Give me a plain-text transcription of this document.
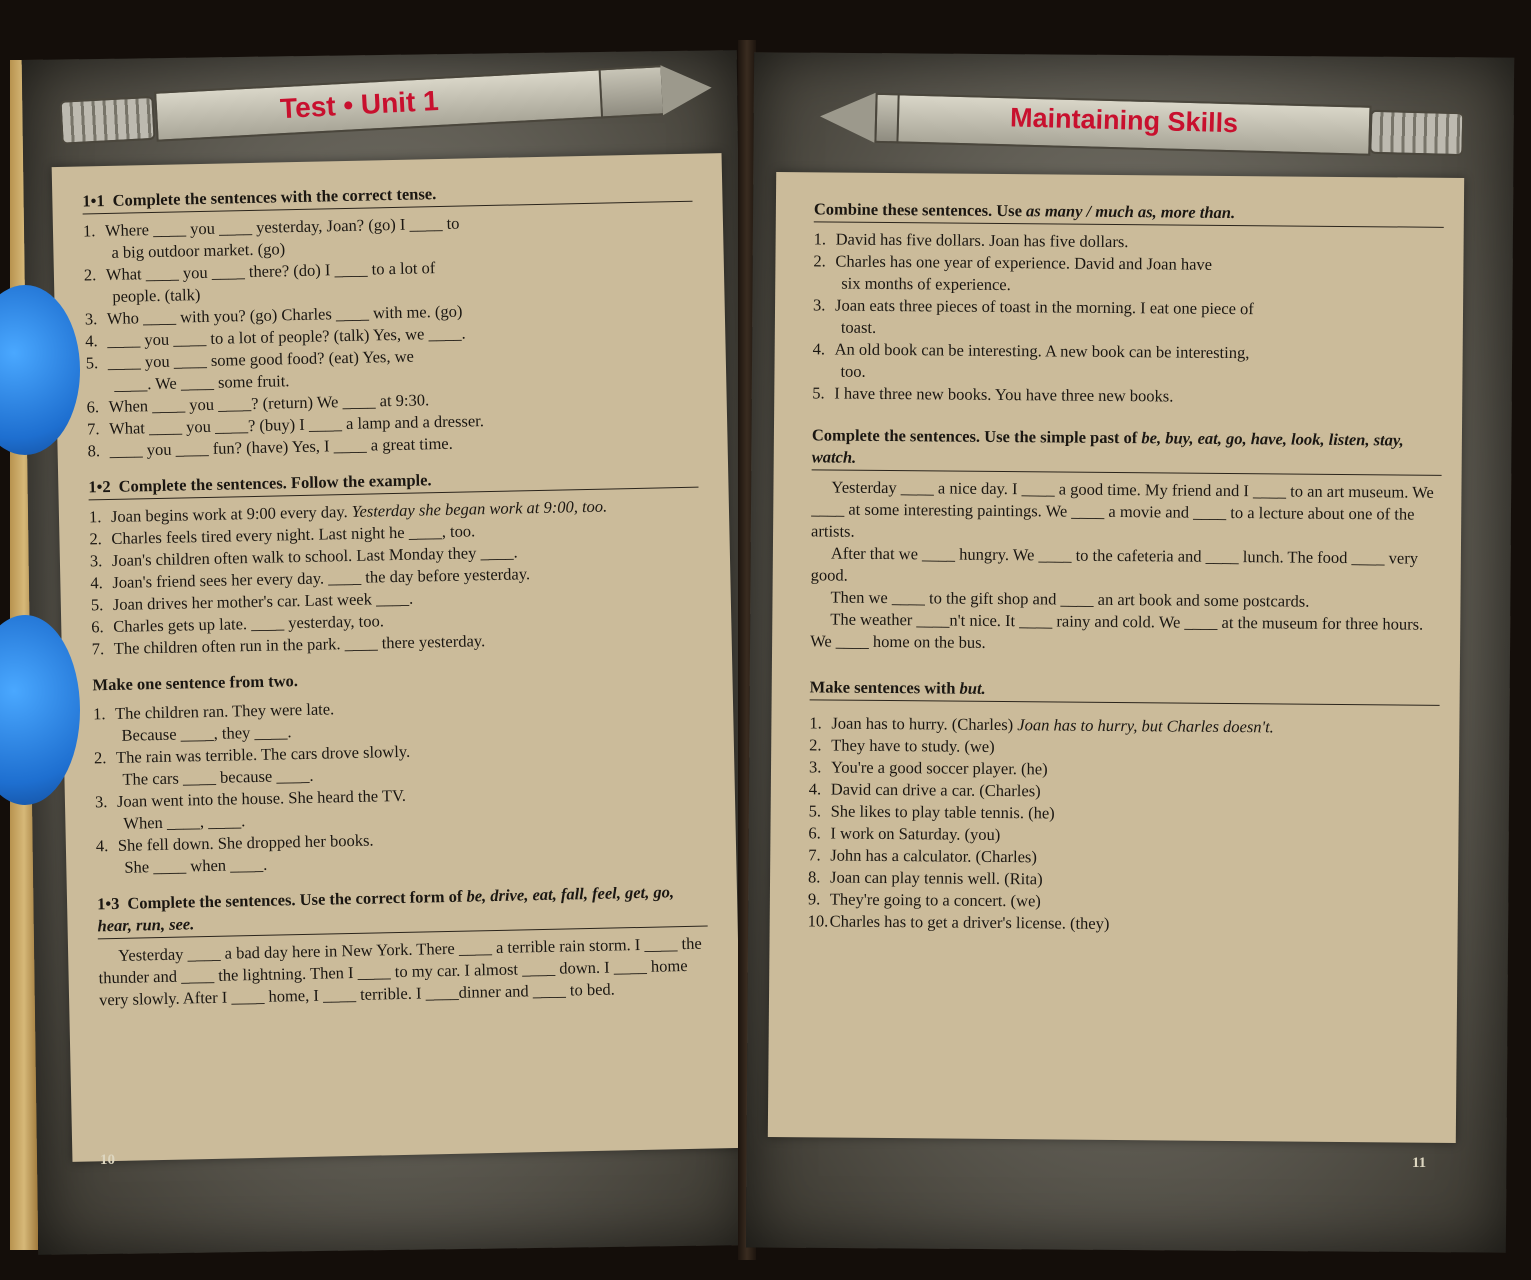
Test • Unit 1
1•1 Complete the sentences with the correct tense.
1. Where ____ you ____ yesterday, Joan? (go) I ____ to
a big outdoor market. (go)
2. What ____ you ____ there? (do) I ____ to a lot of
people. (talk)
3. Who ____ with you? (go) Charles ____ with me. (go)
4. ____ you ____ to a lot of people? (talk) Yes, we ____.
5. ____ you ____ some good food? (eat) Yes, we
____. We ____ some fruit.
6. When ____ you ____? (return) We ____ at 9:30.
7. What ____ you ____? (buy) I ____ a lamp and a dresser.
8. ____ you ____ fun? (have) Yes, I ____ a great time.
1•2 Complete the sentences. Follow the example.
1. Joan begins work at 9:00 every day. Yesterday she began work at 9:00, too.
2. Charles feels tired every night. Last night he ____, too.
3. Joan's children often walk to school. Last Monday they ____.
4. Joan's friend sees her every day. ____ the day before yesterday.
5. Joan drives her mother's car. Last week ____.
6. Charles gets up late. ____ yesterday, too.
7. The children often run in the park. ____ there yesterday.
Make one sentence from two.
1. The children ran. They were late.
Because ____, they ____.
2. The rain was terrible. The cars drove slowly.
The cars ____ because ____.
3. Joan went into the house. She heard the TV.
When ____, ____.
4. She fell down. She dropped her books.
She ____ when ____.
1•3 Complete the sentences. Use the correct form of be, drive, eat, fall, feel, get, go, hear, run, see.

Yesterday ____ a bad day here in New York. There ____ a terrible rain storm. I ____ the thunder and ____ the lightning. Then I ____ to my car. I almost ____ down. I ____ home very slowly. After I ____ home, I ____ terrible. I ____dinner and ____ to bed.

10
Maintaining Skills
Combine these sentences. Use as many / much as, more than.
1. David has five dollars. Joan has five dollars.
2. Charles has one year of experience. David and Joan have
six months of experience.
3. Joan eats three pieces of toast in the morning. I eat one piece of
toast.
4. An old book can be interesting. A new book can be interesting,
too.
5. I have three new books. You have three new books.
Complete the sentences. Use the simple past of be, buy, eat, go, have, look, listen, stay, watch.

Yesterday ____ a nice day. I ____ a good time. My friend and I ____ to an art museum. We ____ at some interesting paintings. We ____ a movie and ____ to a lecture about one of the artists.

After that we ____ hungry. We ____ to the cafeteria and ____ lunch. The food ____ very good.

Then we ____ to the gift shop and ____ an art book and some postcards.

The weather ____n't nice. It ____ rainy and cold. We ____ at the museum for three hours. We ____ home on the bus.

Make sentences with but.
1. Joan has to hurry. (Charles) Joan has to hurry, but Charles doesn't.
2. They have to study. (we)
3. You're a good soccer player. (he)
4. David can drive a car. (Charles)
5. She likes to play table tennis. (he)
6. I work on Saturday. (you)
7. John has a calculator. (Charles)
8. Joan can play tennis well. (Rita)
9. They're going to a concert. (we)
10. Charles has to get a driver's license. (they)
11
